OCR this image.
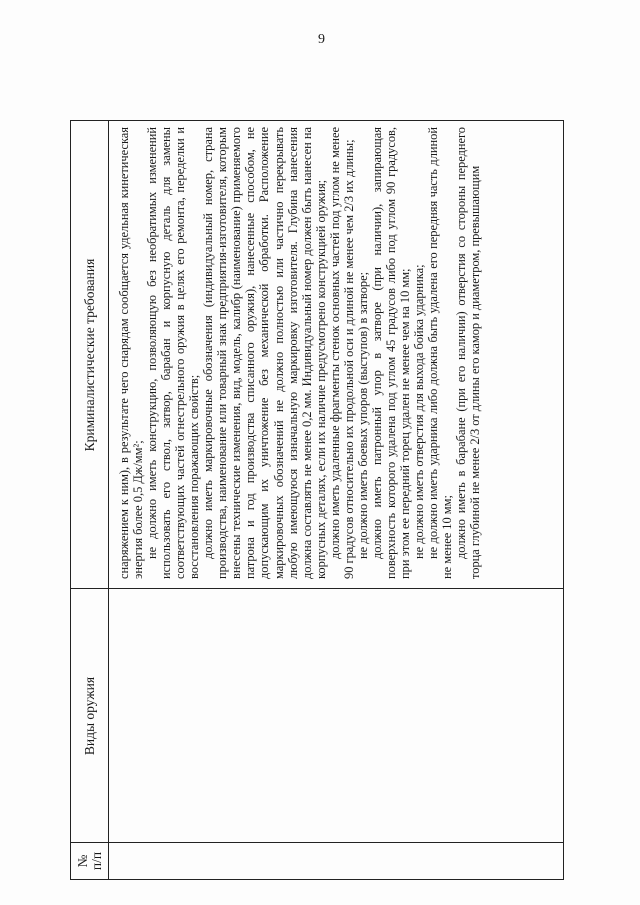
9
№ п/п
Виды оружия
Криминалистические требования снаряжением к ним), в результате чего снарядам сообщается удельная кинетическая энергия более 0,5 Дж/мм²; не должно иметь конструкцию, позволяющую без необратимых изменений использовать его ствол, затвор, барабан и корпусную деталь для замены соответствующих частей огнестрельного оружия в целях его ремонта, переделки и восстановления поражающих свойств; должно иметь маркировочные обозначения (индивидуальный номер, страна производства, наименование или товарный знак предприятия-изготовителя, которым внесены технические изменения, вид, модель, калибр (наименование) применяемого патрона и год производства списанного оружия), нанесенные способом, не допускающим их уничтожение без механической обработки. Расположение маркировочных обозначений не должно полностью или частично перекрывать любую имеющуюся изначальную маркировку изготовителя. Глубина нанесения должна составлять не менее 0,2 мм. Индивидуальный номер должен быть нанесен на корпусных деталях, если их наличие предусмотрено конструкцией оружия; должно иметь удаленные фрагменты стенок основных частей под углом не менее 90 градусов относительно их продольной оси и длиной не менее чем 2/3 их длины; не должно иметь боевых упоров (выступов) в затворе; должно иметь патронный упор в затворе (при наличии), запирающая поверхность которого удалена под углом 45 градусов либо под углом 90 градусов, при этом ее передний торец удален не менее чем на 10 мм; не должно иметь отверстия для выхода бойка ударника; не должно иметь ударника либо должна быть удалена его передняя часть длиной не менее 10 мм; должно иметь в барабане (при его наличии) отверстия со стороны переднего торца глубиной не менее 2/3 от длины его камор и диаметром, превышающим
